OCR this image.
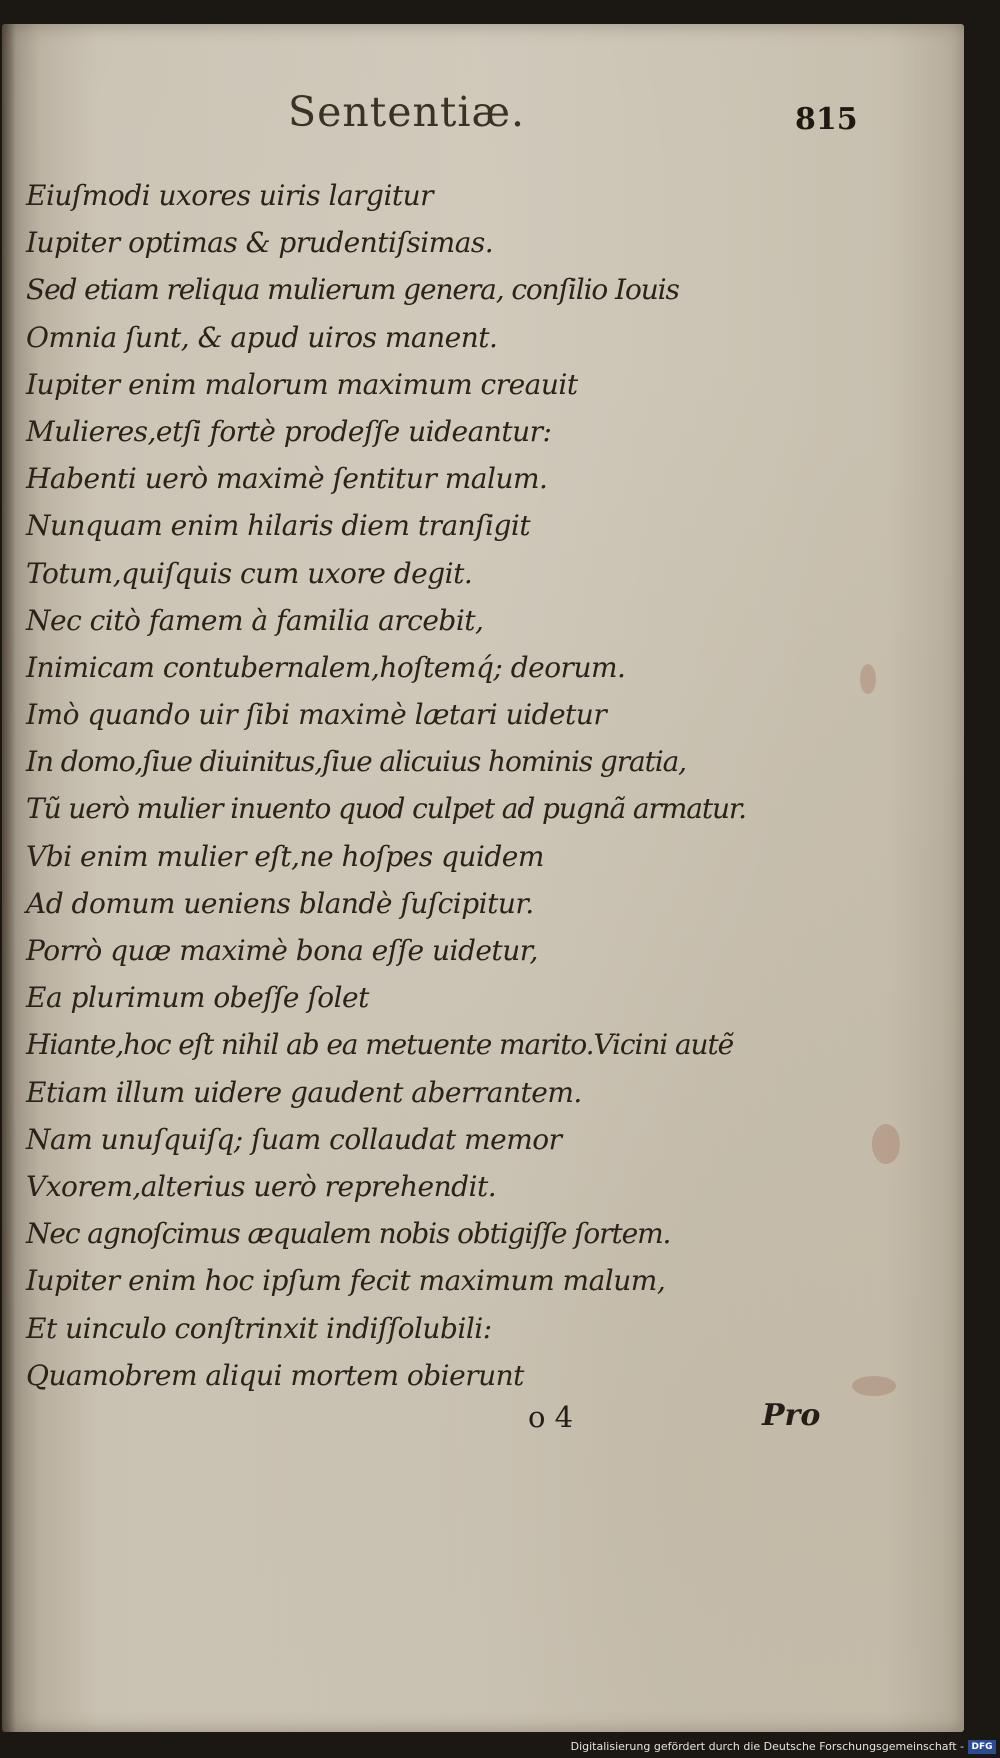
Sententiæ.	815
Eiuſmodi uxores uiris largitur
Iupiter optimas & prudentiſsimas.
Sed etiam reliqua mulierum genera, conſilio Iouis
Omnia ſunt, & apud uiros manent.
Iupiter enim malorum maximum creauit
Mulieres,etſi fortè prodeſſe uideantur:
Habenti uerò maximè ſentitur malum.
Nunquam enim hilaris diem tranſigit
Totum,quiſquis cum uxore degit.
Nec citò famem à familia arcebit,
Inimicam contubernalem,hoſtemq́; deorum.
Imò quando uir ſibi maximè lætari uidetur
In domo,ſiue diuinitus,ſiue alicuius hominis gratia,
Tũ uerò mulier inuento quod culpet ad pugnã armatur.
Vbi enim mulier eſt,ne hoſpes quidem
Ad domum ueniens blandè ſuſcipitur.
Porrò quæ maximè bona eſſe uidetur,
Ea plurimum obeſſe ſolet
Hiante,hoc eſt nihil ab ea metuente marito.Vicini autẽ
Etiam illum uidere gaudent aberrantem.
Nam unuſquiſq; ſuam collaudat memor
Vxorem,alterius uerò reprehendit.
Nec agnoſcimus æqualem nobis obtigiſſe ſortem.
Iupiter enim hoc ipſum fecit maximum malum,
Et uinculo conſtrinxit indiſſolubili:
Quamobrem aliqui mortem obierunt
o 4	Pro
Digitalisierung gefördert durch die Deutsche Forschungsgemeinschaft - DFG
